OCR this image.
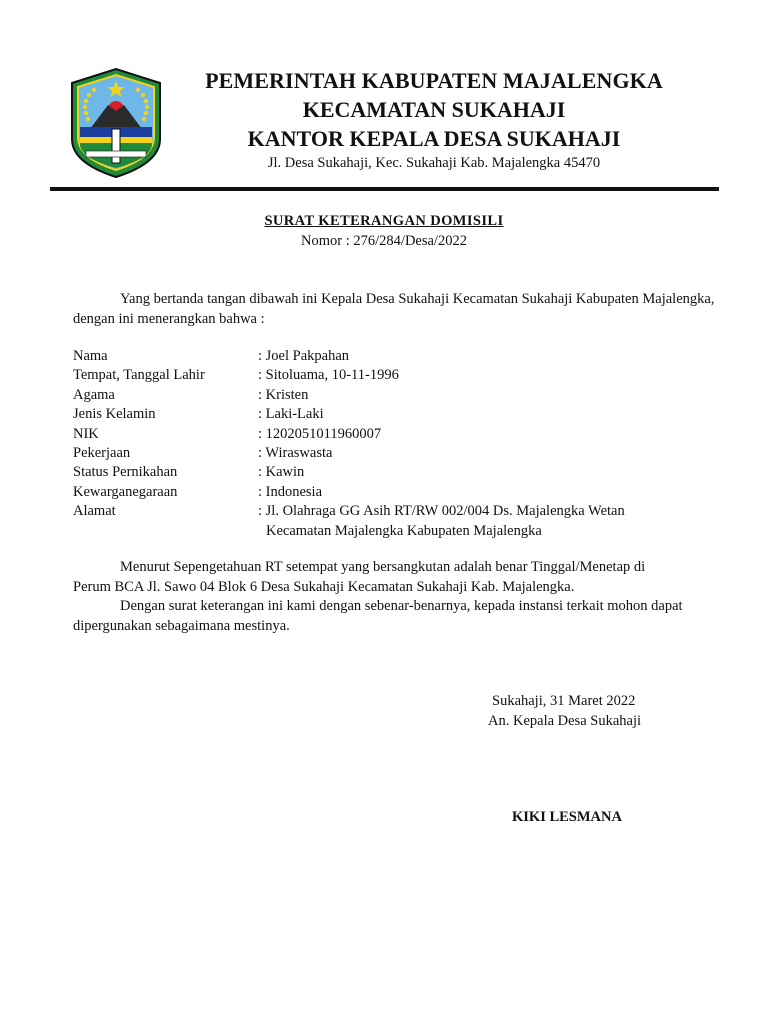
PEMERINTAH KABUPATEN MAJALENGKA
KECAMATAN SUKAHAJI
KANTOR KEPALA DESA SUKAHAJI
Jl. Desa Sukahaji, Kec. Sukahaji Kab. Majalengka 45470
SURAT KETERANGAN DOMISILI
Nomor : 276/284/Desa/2022
Yang bertanda tangan dibawah ini Kepala Desa Sukahaji Kecamatan Sukahaji Kabupaten Majalengka, dengan ini menerangkan bahwa :
Nama	: Joel Pakpahan
Tempat, Tanggal Lahir	: Sitoluama, 10-11-1996
Agama	: Kristen
Jenis Kelamin	: Laki-Laki
NIK	: 1202051011960007
Pekerjaan	: Wiraswasta
Status Pernikahan	: Kawin
Kewarganegaraan	: Indonesia
Alamat	: Jl. Olahraga GG Asih RT/RW 002/004 Ds. Majalengka Wetan
Kecamatan Majalengka Kabupaten Majalengka
Menurut Sepengetahuan RT setempat yang bersangkutan adalah benar Tinggal/Menetap di Perum BCA Jl. Sawo 04 Blok 6 Desa Sukahaji Kecamatan Sukahaji Kab. Majalengka.
Dengan surat keterangan ini kami dengan sebenar-benarnya, kepada instansi terkait mohon dapat dipergunakan sebagaimana mestinya.
Sukahaji, 31 Maret 2022
An. Kepala Desa Sukahaji
KIKI LESMANA
